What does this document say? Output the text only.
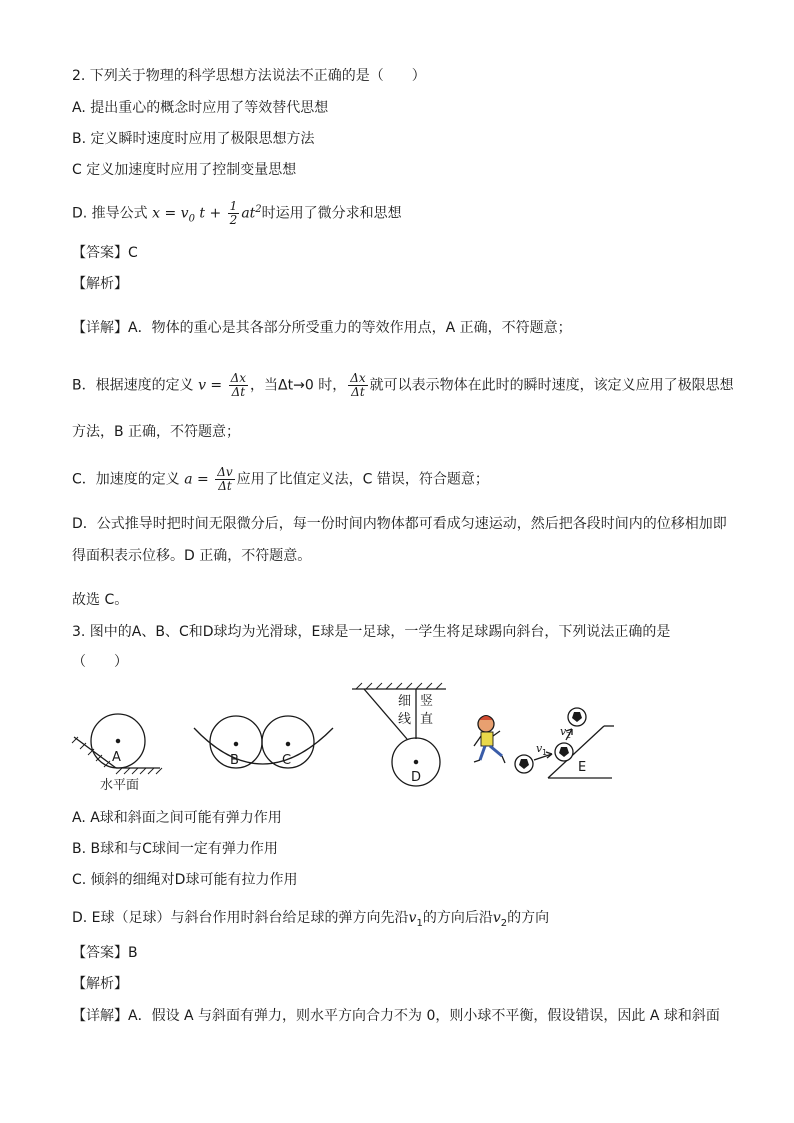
2. 下列关于物理的科学思想方法说法不正确的是（　　）
A. 提出重心的概念时应用了等效替代思想
B. 定义瞬时速度时应用了极限思想方法
C 定义加速度时应用了控制变量思想
D. 推导公式 $x = v_0$ $t + \frac{1}{2} at^2$时运用了微分求和思想
【答案】C
【解析】
【详解】A．物体的重心是其各部分所受重力的等效作用点，A 正确，不符题意；
B．根据速度的定义 $v = \frac{\Delta x}{\Delta t}$ ，当Δt→0 时， $\frac{\Delta x}{\Delta t}$ 就可以表示物体在此时的瞬时速度，该定义应用了极限思想
方法，B 正确，不符题意；
C．加速度的定义 $a = \frac{\Delta v}{\Delta t}$ 应用了比值定义法，C 错误，符合题意；
D．公式推导时把时间无限微分后，每一份时间内物体都可看成匀速运动，然后把各段时间内的位移相加即
得面积表示位移。D 正确，不符题意。
故选 C。
3. 图中的A、B、C和D球均为光滑球，E球是一足球，一学生将足球踢向斜台，下列说法正确的是
（　　）
A
水平面
B	C
细
线
竖
直
D
v 1
v 2
E
A. A球和斜面之间可能有弹力作用
B. B球和与C球间一定有弹力作用
C. 倾斜的细绳对D球可能有拉力作用
D. E球（足球）与斜台作用时斜台给足球的弹方向先沿$v_1$的方向后沿$v_2$的方向
【答案】B
【解析】
【详解】A．假设 A 与斜面有弹力，则水平方向合力不为 0，则小球不平衡，假设错误，因此 A 球和斜面
